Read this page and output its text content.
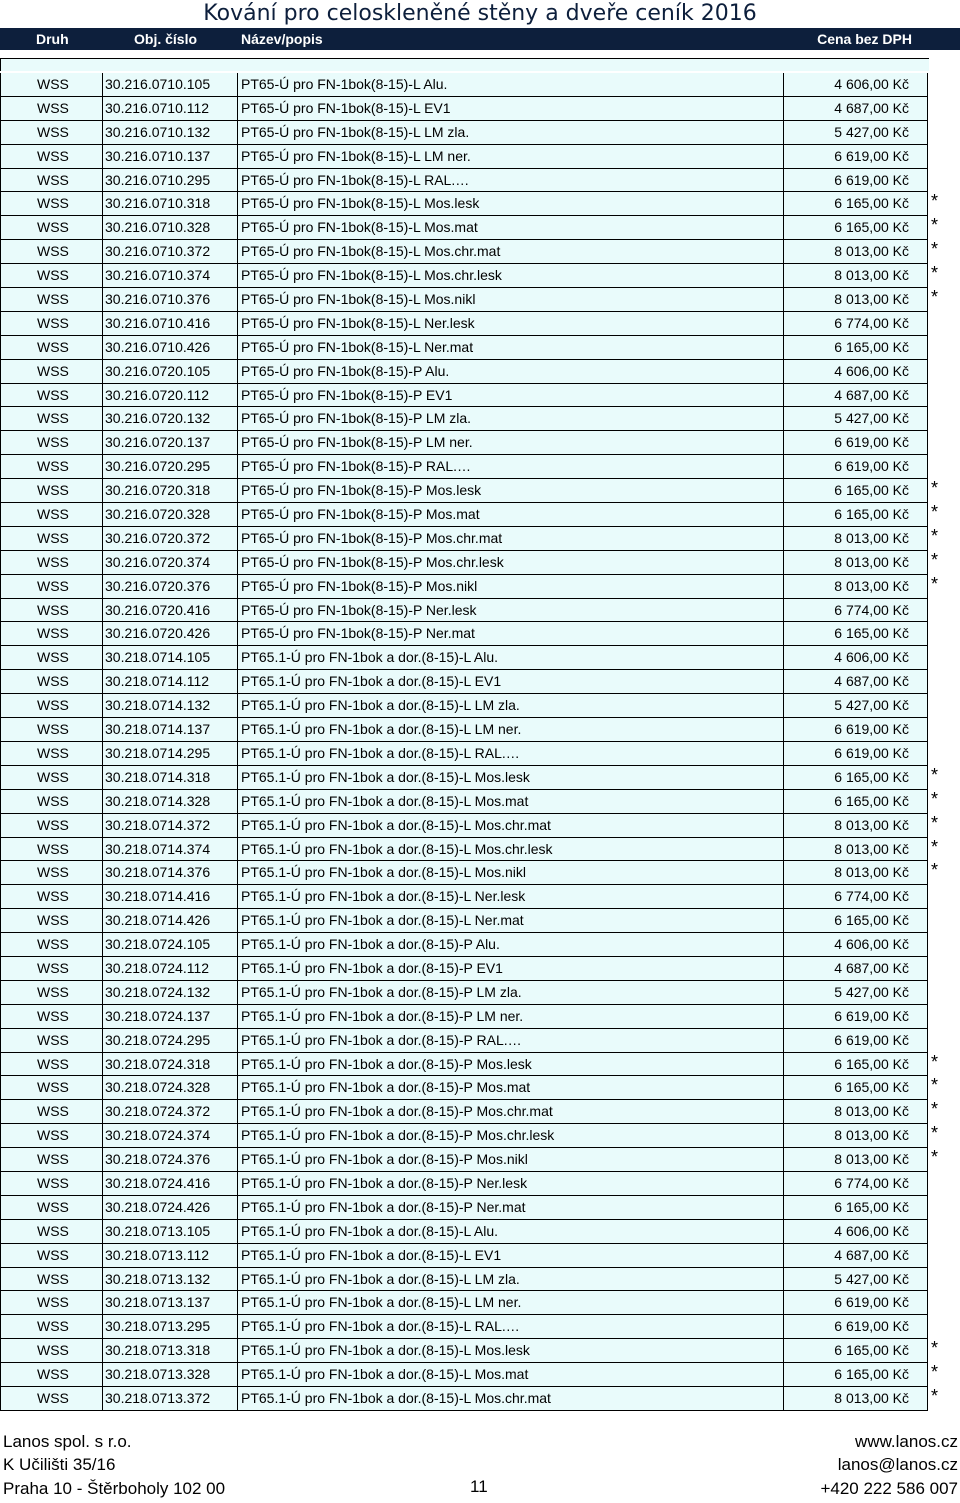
Kování pro celoskleněné stěny a dveře ceník 2016
Druh	Obj. číslo	Název/popis	Cena bez DPH
WSS	30.216.0710.105	PT65-Ú pro FN-1bok(8-15)-L Alu.	4 606,00 Kč
WSS	30.216.0710.112	PT65-Ú pro FN-1bok(8-15)-L EV1	4 687,00 Kč
WSS	30.216.0710.132	PT65-Ú pro FN-1bok(8-15)-L LM zla.	5 427,00 Kč
WSS	30.216.0710.137	PT65-Ú pro FN-1bok(8-15)-L LM ner.	6 619,00 Kč
WSS	30.216.0710.295	PT65-Ú pro FN-1bok(8-15)-L RAL.…	6 619,00 Kč
WSS	30.216.0710.318	PT65-Ú pro FN-1bok(8-15)-L Mos.lesk	6 165,00 Kč	*
WSS	30.216.0710.328	PT65-Ú pro FN-1bok(8-15)-L Mos.mat	6 165,00 Kč	*
WSS	30.216.0710.372	PT65-Ú pro FN-1bok(8-15)-L Mos.chr.mat	8 013,00 Kč	*
WSS	30.216.0710.374	PT65-Ú pro FN-1bok(8-15)-L Mos.chr.lesk	8 013,00 Kč	*
WSS	30.216.0710.376	PT65-Ú pro FN-1bok(8-15)-L Mos.nikl	8 013,00 Kč	*
WSS	30.216.0710.416	PT65-Ú pro FN-1bok(8-15)-L Ner.lesk	6 774,00 Kč
WSS	30.216.0710.426	PT65-Ú pro FN-1bok(8-15)-L Ner.mat	6 165,00 Kč
WSS	30.216.0720.105	PT65-Ú pro FN-1bok(8-15)-P Alu.	4 606,00 Kč
WSS	30.216.0720.112	PT65-Ú pro FN-1bok(8-15)-P EV1	4 687,00 Kč
WSS	30.216.0720.132	PT65-Ú pro FN-1bok(8-15)-P LM zla.	5 427,00 Kč
WSS	30.216.0720.137	PT65-Ú pro FN-1bok(8-15)-P LM ner.	6 619,00 Kč
WSS	30.216.0720.295	PT65-Ú pro FN-1bok(8-15)-P RAL.…	6 619,00 Kč
WSS	30.216.0720.318	PT65-Ú pro FN-1bok(8-15)-P Mos.lesk	6 165,00 Kč	*
WSS	30.216.0720.328	PT65-Ú pro FN-1bok(8-15)-P Mos.mat	6 165,00 Kč	*
WSS	30.216.0720.372	PT65-Ú pro FN-1bok(8-15)-P Mos.chr.mat	8 013,00 Kč	*
WSS	30.216.0720.374	PT65-Ú pro FN-1bok(8-15)-P Mos.chr.lesk	8 013,00 Kč	*
WSS	30.216.0720.376	PT65-Ú pro FN-1bok(8-15)-P Mos.nikl	8 013,00 Kč	*
WSS	30.216.0720.416	PT65-Ú pro FN-1bok(8-15)-P Ner.lesk	6 774,00 Kč
WSS	30.216.0720.426	PT65-Ú pro FN-1bok(8-15)-P Ner.mat	6 165,00 Kč
WSS	30.218.0714.105	PT65.1-Ú pro FN-1bok a dor.(8-15)-L Alu.	4 606,00 Kč
WSS	30.218.0714.112	PT65.1-Ú pro FN-1bok a dor.(8-15)-L EV1	4 687,00 Kč
WSS	30.218.0714.132	PT65.1-Ú pro FN-1bok a dor.(8-15)-L LM zla.	5 427,00 Kč
WSS	30.218.0714.137	PT65.1-Ú pro FN-1bok a dor.(8-15)-L LM ner.	6 619,00 Kč
WSS	30.218.0714.295	PT65.1-Ú pro FN-1bok a dor.(8-15)-L RAL.…	6 619,00 Kč
WSS	30.218.0714.318	PT65.1-Ú pro FN-1bok a dor.(8-15)-L Mos.lesk	6 165,00 Kč	*
WSS	30.218.0714.328	PT65.1-Ú pro FN-1bok a dor.(8-15)-L Mos.mat	6 165,00 Kč	*
WSS	30.218.0714.372	PT65.1-Ú pro FN-1bok a dor.(8-15)-L Mos.chr.mat	8 013,00 Kč	*
WSS	30.218.0714.374	PT65.1-Ú pro FN-1bok a dor.(8-15)-L Mos.chr.lesk	8 013,00 Kč	*
WSS	30.218.0714.376	PT65.1-Ú pro FN-1bok a dor.(8-15)-L Mos.nikl	8 013,00 Kč	*
WSS	30.218.0714.416	PT65.1-Ú pro FN-1bok a dor.(8-15)-L Ner.lesk	6 774,00 Kč
WSS	30.218.0714.426	PT65.1-Ú pro FN-1bok a dor.(8-15)-L Ner.mat	6 165,00 Kč
WSS	30.218.0724.105	PT65.1-Ú pro FN-1bok a dor.(8-15)-P Alu.	4 606,00 Kč
WSS	30.218.0724.112	PT65.1-Ú pro FN-1bok a dor.(8-15)-P EV1	4 687,00 Kč
WSS	30.218.0724.132	PT65.1-Ú pro FN-1bok a dor.(8-15)-P LM zla.	5 427,00 Kč
WSS	30.218.0724.137	PT65.1-Ú pro FN-1bok a dor.(8-15)-P LM ner.	6 619,00 Kč
WSS	30.218.0724.295	PT65.1-Ú pro FN-1bok a dor.(8-15)-P RAL.…	6 619,00 Kč
WSS	30.218.0724.318	PT65.1-Ú pro FN-1bok a dor.(8-15)-P Mos.lesk	6 165,00 Kč	*
WSS	30.218.0724.328	PT65.1-Ú pro FN-1bok a dor.(8-15)-P Mos.mat	6 165,00 Kč	*
WSS	30.218.0724.372	PT65.1-Ú pro FN-1bok a dor.(8-15)-P Mos.chr.mat	8 013,00 Kč	*
WSS	30.218.0724.374	PT65.1-Ú pro FN-1bok a dor.(8-15)-P Mos.chr.lesk	8 013,00 Kč	*
WSS	30.218.0724.376	PT65.1-Ú pro FN-1bok a dor.(8-15)-P Mos.nikl	8 013,00 Kč	*
WSS	30.218.0724.416	PT65.1-Ú pro FN-1bok a dor.(8-15)-P Ner.lesk	6 774,00 Kč
WSS	30.218.0724.426	PT65.1-Ú pro FN-1bok a dor.(8-15)-P Ner.mat	6 165,00 Kč
WSS	30.218.0713.105	PT65.1-Ú pro FN-1bok a dor.(8-15)-L Alu.	4 606,00 Kč
WSS	30.218.0713.112	PT65.1-Ú pro FN-1bok a dor.(8-15)-L EV1	4 687,00 Kč
WSS	30.218.0713.132	PT65.1-Ú pro FN-1bok a dor.(8-15)-L LM zla.	5 427,00 Kč
WSS	30.218.0713.137	PT65.1-Ú pro FN-1bok a dor.(8-15)-L LM ner.	6 619,00 Kč
WSS	30.218.0713.295	PT65.1-Ú pro FN-1bok a dor.(8-15)-L RAL.…	6 619,00 Kč
WSS	30.218.0713.318	PT65.1-Ú pro FN-1bok a dor.(8-15)-L Mos.lesk	6 165,00 Kč	*
WSS	30.218.0713.328	PT65.1-Ú pro FN-1bok a dor.(8-15)-L Mos.mat	6 165,00 Kč	*
WSS	30.218.0713.372	PT65.1-Ú pro FN-1bok a dor.(8-15)-L Mos.chr.mat	8 013,00 Kč	*
Lanos spol. s r.o.
K Učilišti 35/16
Praha 10 - Štěrboholy 102 00	11
www.lanos.cz
lanos@lanos.cz
+420 222 586 007
